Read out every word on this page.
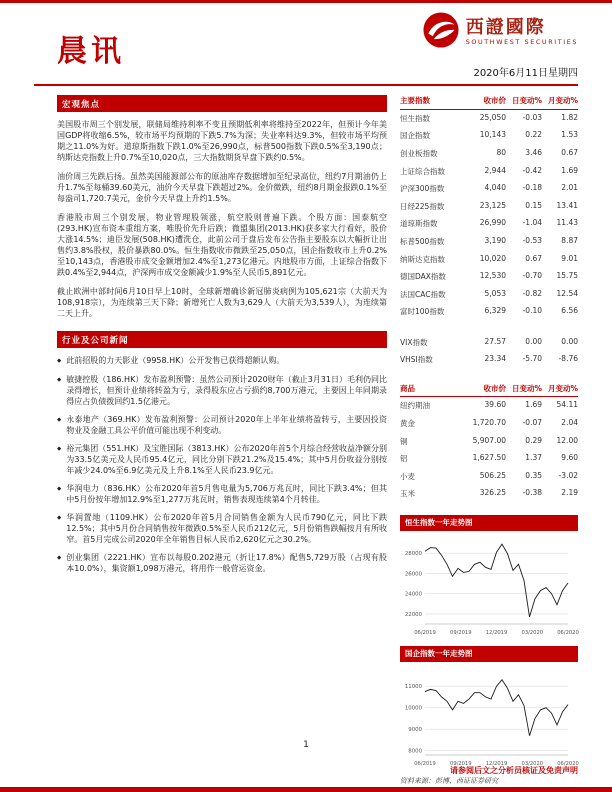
晨讯
西證國際
SOUTHWEST SECURITIES
2020年6月11日星期四
宏观焦点

美国股市周三个别发展，联储局维持利率不变且预期低利率将维持至2022年，但预计今年美国GDP将收缩6.5%，较市场平均预期的下跌5.7%为深；失业率料达9.3%，但较市场平均预期之11.0%为好。道琼斯指数下跌1.0%至26,990点，标普500指数下跌0.5%至3,190点；纳斯达克指数上升0.7%至10,020点，三大指数期货早盘下跌约0.5%。

油价周三先跌后扬。虽然美国能源部公布的原油库存数据增加至纪录高位，纽约7月期油仍上升1.7%至每桶39.60美元，油价今天早盘下跌超过2%。金价微跌，纽约8月期金报跌0.1%至每盎司1,720.7美元，金价今天早盘上升约1.5%。

香港股市周三个别发展，物业管理股领涨，航空股则普遍下跌。个股方面：国泰航空(293.HK)宣布资本重组方案，唯股价先升后跌；微盟集团(2013.HK)获多家大行看好，股价大涨14.5%；迪臣发展(508.HK)遭洗仓，此前公司于盘后发布公告指主要股东以大幅折让出售约3.8%股权，股价暴跌80.0%。恒生指数收市微跌至25,050点，国企指数收市上升0.2%至10,143点，香港股市成交金额增加2.4%至1,273亿港元。内地股市方面，上证综合指数下跌0.4%至2,944点，沪深两市成交金额减少1.9%至人民币5,891亿元。

截止欧洲中部时间6月10日早上10时，全球新增确诊新冠肺炎病例为105,621宗（大前天为108,918宗），为连续第三天下降；新增死亡人数为3,629人（大前天为3,539人），为连续第二天上升。

行业及公司新闻
◆ 此前招股的力天影业（9958.HK）公开发售已获得超额认购。
◆ 敏捷控股（186.HK）发布盈利预警：虽然公司预计2020财年（截止3月31日）毛利仍同比录得增长，但预计业绩将转盈为亏，录得股东应占亏损约8,700万港元，主要因上年同期录得应占负债拨回约1.5亿港元。
◆ 永泰地产（369.HK）发布盈利预警：公司预计2020年上半年业绩将盈转亏，主要因投资物业及金融工具公平价值可能出现不利变动。
◆ 裕元集团（551.HK）及宝胜国际（3813.HK）公布2020年首5个月综合经营收益净额分别为33.5亿美元及人民币95.4亿元，同比分别下跌21.2%及15.4%；其中5月份收益分别按年减少24.0%至6.9亿美元及上升8.1%至人民币23.9亿元。
◆ 华润电力（836.HK）公布2020年首5月售电量为5,706万兆瓦时，同比下跌3.4%；但其中5月份按年增加12.9%至1,277万兆瓦时，销售表现连续第4个月转佳。
◆ 华润置地（1109.HK）公布2020年首5月合同销售金额为人民币790亿元，同比下跌12.5%；其中5月份合同销售按年微跌0.5%至人民币212亿元，5月份销售跌幅按月有所收窄。首5月完成公司2020年全年销售目标人民币2,620亿元之30.2%。
◆ 创业集团（2221.HK）宣布以每股0.202港元（折让17.8%）配售5,729万股（占现有股本10.0%），集资额1,098万港元，将用作一般营运资金。
主要指数	收市价 日变动% 月变动%
恒生指数	25,050	-0.03	1.82
国企指数	10,143	0.22	1.53
创业板指数	80	3.46	0.67
上证综合指数	2,944	-0.42	1.69
沪深300指数	4,040	-0.18	2.01
日经225指数	23,125	0.15	13.41
道琼斯指数	26,990	-1.04	11.43
标普500指数	3,190	-0.53	8.87
纳斯达克指数	10,020	0.67	9.01
德国DAX指数	12,530	-0.70	15.75
法国CAC指数	5,053	-0.82	12.54
富时100指数	6,329	-0.10	6.56
VIX指数	27.57	0.00	0.00
VHSI指数	23.34	-5.70	-8.76
商品	收市价 日变动% 月变动%
纽约期油	39.60	1.69	54.11
黄金	1,720.70	-0.07	2.04
铜	5,907.00	0.29	12.00
铝	1,627.50	1.37	9.60
小麦	506.25	0.35	-3.02
玉米	326.25	-0.38	2.19
恒生指数一年走势图
22000
24000
26000
28000
06/2019	09/2019	12/2019	03/2020	06/2020
国企指数一年走势图
8000
9000
10000
11000
06/2019	09/2019	12/2019	03/2020	06/2020
资料来源：彭博、西证证券研究
1
请参阅后文之分析员核证及免责声明
